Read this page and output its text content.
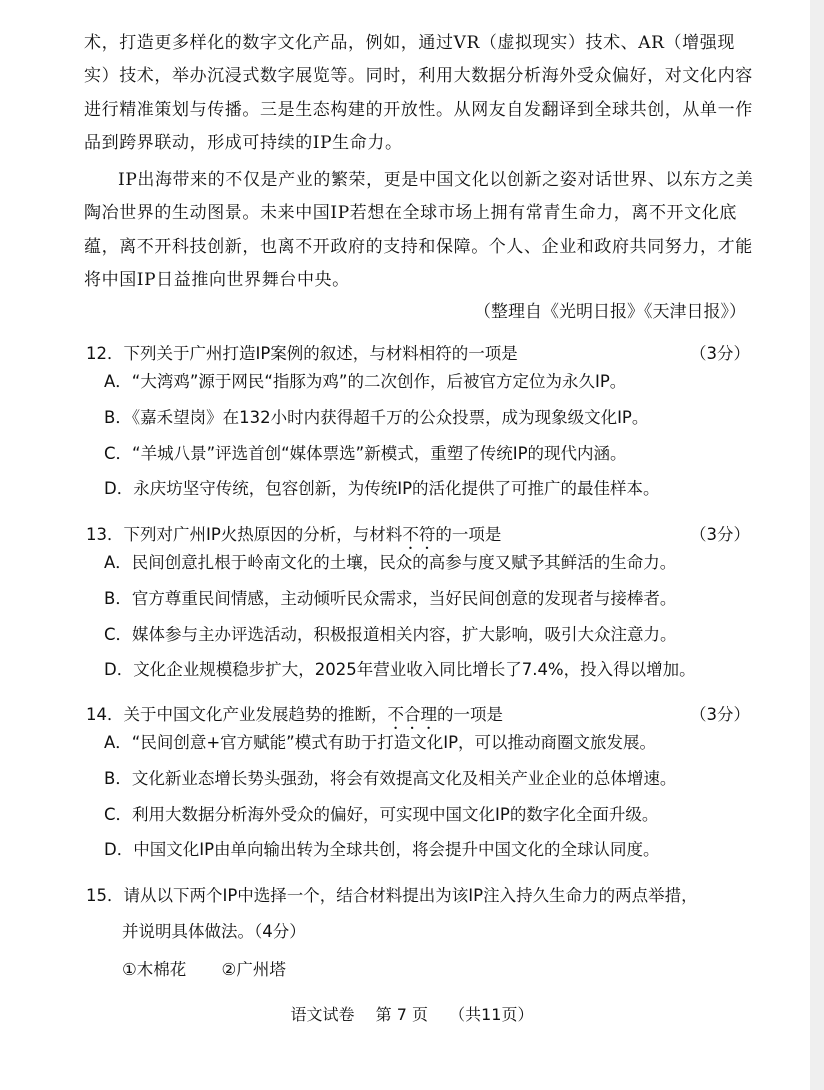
术，打造更多样化的数字文化产品，例如，通过VR（虚拟现实）技术、AR（增强现实）技术，举办沉浸式数字展览等。同时，利用大数据分析海外受众偏好，对文化内容进行精准策划与传播。三是生态构建的开放性。从网友自发翻译到全球共创，从单一作品到跨界联动，形成可持续的IP生命力。
IP出海带来的不仅是产业的繁荣，更是中国文化以创新之姿对话世界、以东方之美陶冶世界的生动图景。未来中国IP若想在全球市场上拥有常青生命力，离不开文化底蕴，离不开科技创新，也离不开政府的支持和保障。个人、企业和政府共同努力，才能将中国IP日益推向世界舞台中央。
（整理自《光明日报》《天津日报》）
12．下列关于广州打造IP案例的叙述，与材料相符的一项是	（3分）
A．“大湾鸡”源于网民“指豚为鸡”的二次创作，后被官方定位为永久IP。
B．《嘉禾望岗》在132小时内获得超千万的公众投票，成为现象级文化IP。
C．“羊城八景”评选首创“媒体票选”新模式，重塑了传统IP的现代内涵。
D．永庆坊坚守传统，包容创新，为传统IP的活化提供了可推广的最佳样本。
13．下列对广州IP火热原因的分析，与材料不符的一项是	（3分）
A．民间创意扎根于岭南文化的土壤，民众的高参与度又赋予其鲜活的生命力。
B．官方尊重民间情感，主动倾听民众需求，当好民间创意的发现者与接棒者。
C．媒体参与主办评选活动，积极报道相关内容，扩大影响，吸引大众注意力。
D．文化企业规模稳步扩大，2025年营业收入同比增长了7.4%，投入得以增加。
14．关于中国文化产业发展趋势的推断，不合理的一项是	（3分）
A．“民间创意+官方赋能”模式有助于打造文化IP，可以推动商圈文旅发展。
B．文化新业态增长势头强劲，将会有效提高文化及相关产业企业的总体增速。
C．利用大数据分析海外受众的偏好，可实现中国文化IP的数字化全面升级。
D．中国文化IP由单向输出转为全球共创，将会提升中国文化的全球认同度。
15．请从以下两个IP中选择一个，结合材料提出为该IP注入持久生命力的两点举措，
并说明具体做法。（4分）
①木棉花 ②广州塔
语文试卷 第 7 页 （共11页）
